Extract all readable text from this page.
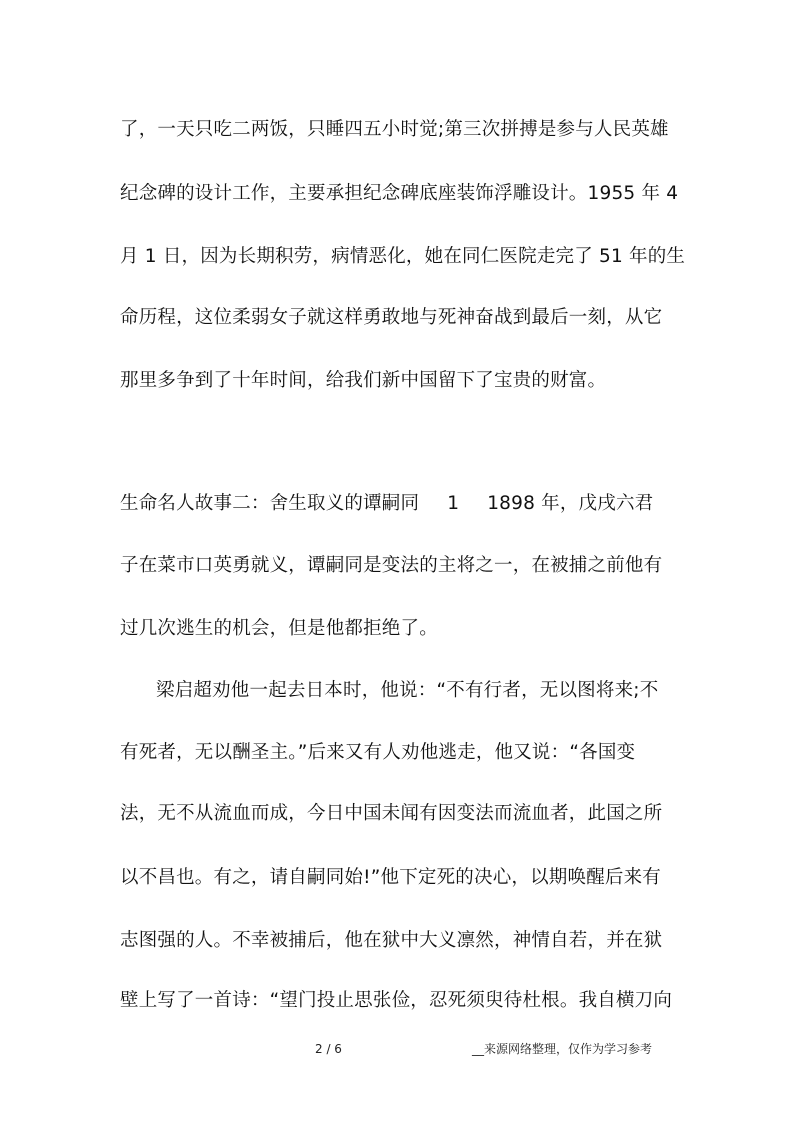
了，一天只吃二两饭，只睡四五小时觉;第三次拼搏是参与人民英雄
纪念碑的设计工作，主要承担纪念碑底座装饰浮雕设计。1955 年 4
月 1 日，因为长期积劳，病情恶化，她在同仁医院走完了 51 年的生
命历程，这位柔弱女子就这样勇敢地与死神奋战到最后一刻，从它
那里多争到了十年时间，给我们新中国留下了宝贵的财富。
生命名人故事二：舍生取义的谭嗣同 1 1898 年，戊戌六君
子在菜市口英勇就义，谭嗣同是变法的主将之一，在被捕之前他有
过几次逃生的机会，但是他都拒绝了。
梁启超劝他一起去日本时，他说：“不有行者，无以图将来;不
有死者，无以酬圣主。”后来又有人劝他逃走，他又说：“各国变
法，无不从流血而成，今日中国未闻有因变法而流血者，此国之所
以不昌也。有之，请自嗣同始!”他下定死的决心，以期唤醒后来有
志图强的人。不幸被捕后，他在狱中大义凛然，神情自若，并在狱
壁上写了一首诗：“望门投止思张俭，忍死须臾待杜根。我自横刀向
2 / 6	__来源网络整理，仅作为学习参考
